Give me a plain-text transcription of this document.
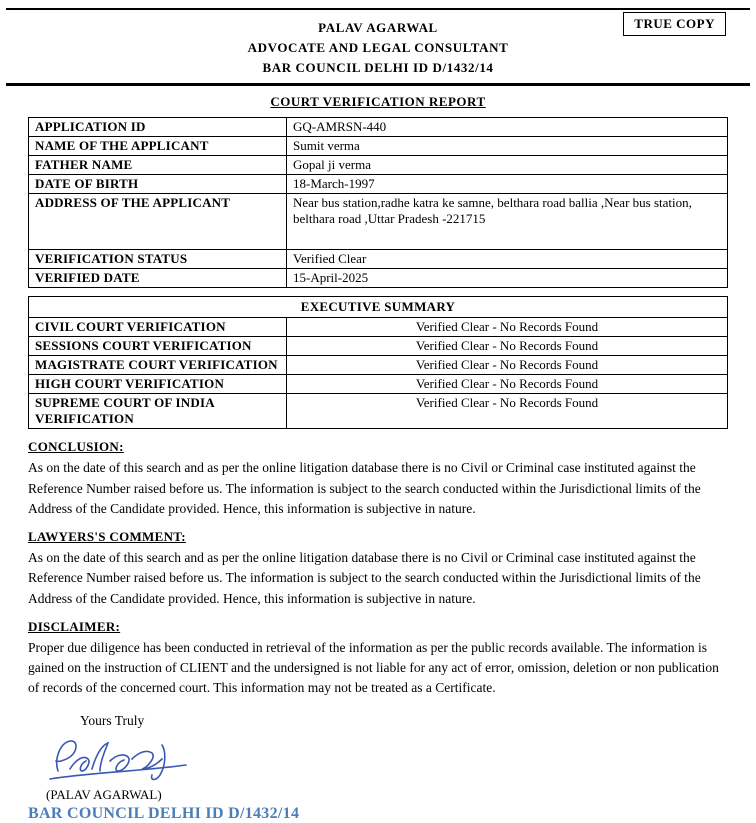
TRUE COPY
PALAV AGARWAL
ADVOCATE AND LEGAL CONSULTANT
BAR COUNCIL DELHI ID D/1432/14
COURT VERIFICATION REPORT
APPLICATION ID	GQ-AMRSN-440
NAME OF THE APPLICANT	Sumit verma
FATHER NAME	Gopal ji verma
DATE OF BIRTH	18-March-1997
ADDRESS OF THE APPLICANT	Near bus station,radhe katra ke samne, belthara road ballia ,Near bus station, belthara road ,Uttar Pradesh -221715
VERIFICATION STATUS	Verified Clear
VERIFIED DATE	15-April-2025
EXECUTIVE SUMMARY	
CIVIL COURT VERIFICATION	Verified Clear - No Records Found
SESSIONS COURT VERIFICATION	Verified Clear - No Records Found
MAGISTRATE COURT VERIFICATION	Verified Clear - No Records Found
HIGH COURT VERIFICATION	Verified Clear - No Records Found
SUPREME COURT OF INDIA VERIFICATION	Verified Clear - No Records Found
CONCLUSION:
As on the date of this search and as per the online litigation database there is no Civil or Criminal case instituted against the Reference Number raised before us. The information is subject to the search conducted within the Jurisdictional limits of the Address of the Candidate provided. Hence, this information is subjective in nature.
LAWYERS'S COMMENT:
As on the date of this search and as per the online litigation database there is no Civil or Criminal case instituted against the Reference Number raised before us. The information is subject to the search conducted within the Jurisdictional limits of the Address of the Candidate provided. Hence, this information is subjective in nature.
DISCLAIMER:
Proper due diligence has been conducted in retrieval of the information as per the public records available. The information is gained on the instruction of CLIENT and the undersigned is not liable for any act of error, omission, deletion or non publication of records of the concerned court. This information may not be treated as a Certificate.
Yours Truly
(PALAV AGARWAL)
BAR COUNCIL DELHI ID D/1432/14
